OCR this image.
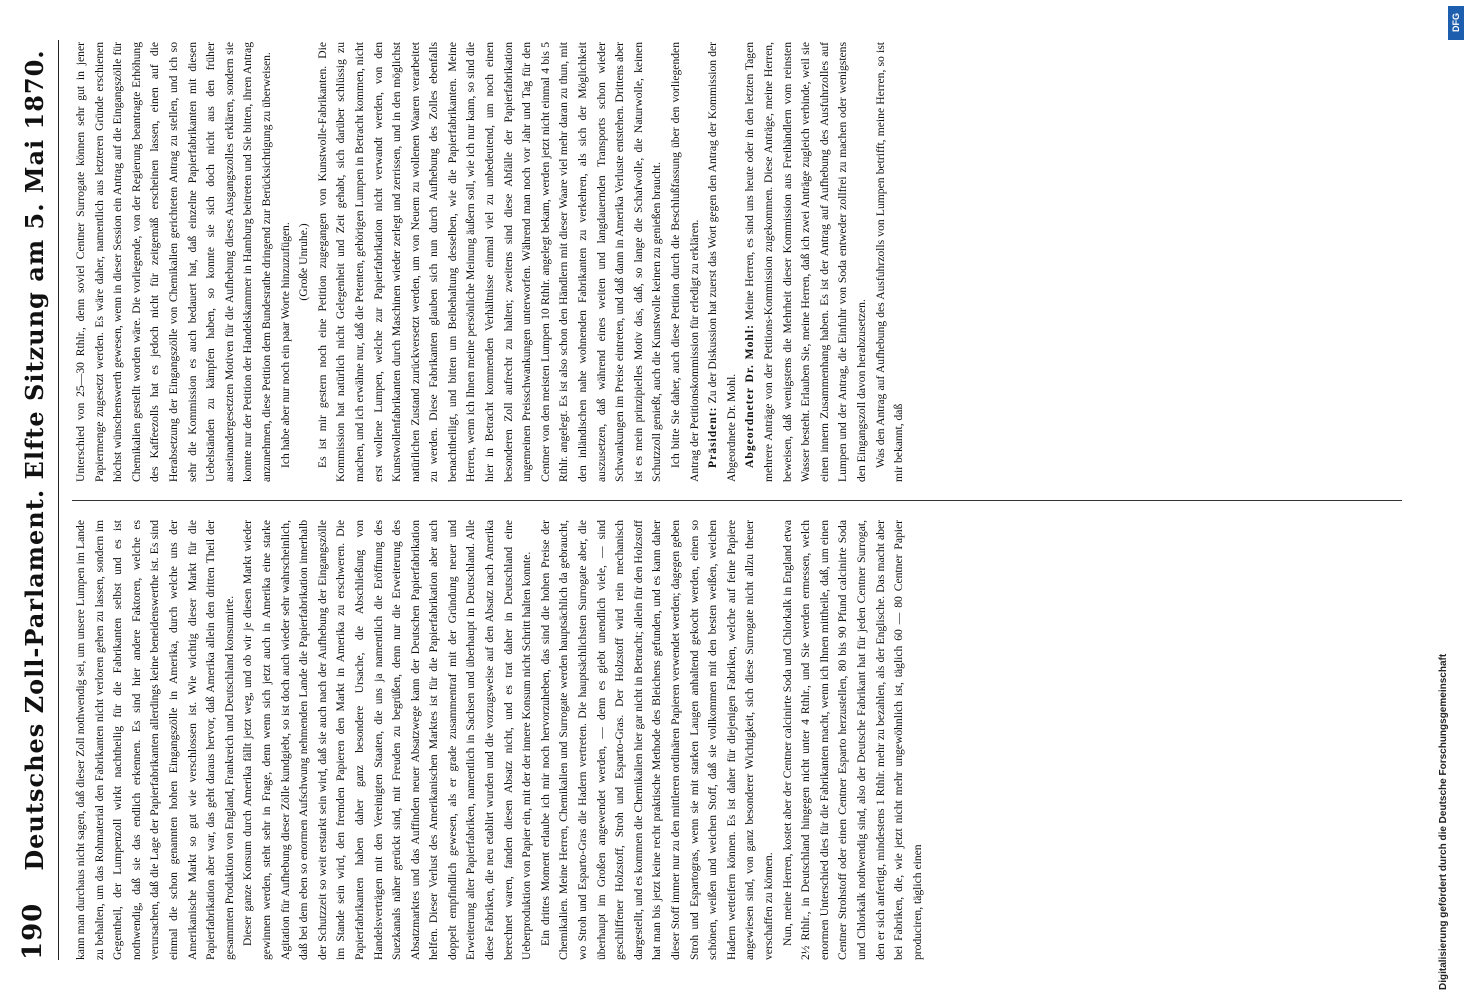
190
Deutsches Zoll-Parlament. Elfte Sitzung am 5. Mai 1870. kann man durchaus nicht sagen, daß dieser Zoll nothwendig sei, um unsere Lumpen im Lande zu behalten, um das Rohmaterial den Fabrikanten nicht verloren gehen zu lassen, sondern im Gegentheil, der Lumpenzoll wirkt nachtheilig für die Fabrikanten selbst und es ist nothwendig, daß sie das endlich erkennen. Es sind hier andere Faktoren, welche es verursachen, daß die Lage der Papierfabrikanten allerdings keine beneidenswerthe ist. Es sind einmal die schon genannten hohen Eingangszölle in Amerika, durch welche uns der Amerikanische Markt so gut wie verschlossen ist. Wie wichtig dieser Markt für die Papierfabrikation aber war, das geht daraus hervor, daß Amerika allein den dritten Theil der gesammten Produktion von England, Frankreich und Deutschland konsumirte. Dieser ganze Konsum durch Amerika fällt jetzt weg, und ob wir je diesen Markt wieder gewinnen werden, steht sehr in Frage, denn wenn sich jetzt auch in Amerika eine starke Agitation für Aufhebung dieser Zölle kundgiebt, so ist doch auch wieder sehr wahrscheinlich, daß bei dem eben so enormen Aufschwung nehmenden Lande die Papierfabrikation innerhalb der Schutzzeit so weit erstarkt sein wird, daß sie auch nach der Aufhebung der Eingangszölle im Stande sein wird, den fremden Papieren den Markt in Amerika zu erschweren. Die Papierfabrikanten haben daher ganz besondere Ursache, die Abschließung von Handelsverträgen mit den Vereinigten Staaten, die uns ja namentlich die Eröffnung des Suezkanals näher gerückt sind, mit Freuden zu begrüßen, denn nur die Erweiterung des Absatzmarktes und das Auffinden neuer Absatzwege kann der Deutschen Papierfabrikation helfen. Dieser Verlust des Amerikanischen Marktes ist für die Papierfabrikation aber auch doppelt empfindlich gewesen, als er grade zusammentraf mit der Gründung neuer und Erweiterung alter Papierfabriken, namentlich in Sachsen und überhaupt in Deutschland. Alle diese Fabriken, die neu etablirt wurden und die vorzugsweise auf den Absatz nach Amerika berechnet waren, fanden diesen Absatz nicht, und es trat daher in Deutschland eine Ueberproduktion von Papier ein, mit der der innere Konsum nicht Schritt halten konnte. Ein drittes Moment erlaube ich mir noch hervorzuheben, das sind die hohen Preise der Chemikalien. Meine Herren, Chemikalien und Surrogate werden hauptsächlich da gebraucht, wo Stroh und Esparto-Gras die Hadern vertreten. Die hauptsächlichsten Surrogate aber, die überhaupt im Großen angewendet werden, — denn es giebt unendlich viele, — sind geschliffener Holzstoff, Stroh und Esparto-Gras. Der Holzstoff wird rein mechanisch dargestellt, und es kommen die Chemikalien hier gar nicht in Betracht; allein für den Holzstoff hat man bis jetzt keine recht praktische Methode des Bleichens gefunden, und es kann daher dieser Stoff immer nur zu den mittleren ordinären Papieren verwendet werden; dagegen geben Stroh und Espartogras, wenn sie mit starken Laugen anhaltend gekocht werden, einen so schönen, weißen und weichen Stoff, daß sie vollkommen mit den besten weißen, weichen Hadern wetteifern können. Es ist daher für diejenigen Fabriken, welche auf feine Papiere angewiesen sind, von ganz besonderer Wichtigkeit, sich diese Surrogate nicht allzu theuer verschaffen zu können. Nun, meine Herren, kostet aber der Centner calcinirte Soda und Chlorkalk in England etwa 2½ Rthlr., in Deutschland hingegen nicht unter 4 Rthlr., und Sie werden ermessen, welch enormen Unterschied dies für die Fabrikanten macht, wenn ich Ihnen mittheile, daß, um einen Centner Strohstoff oder einen Centner Esparto herzustellen, 80 bis 90 Pfund calcinirte Soda und Chlorkalk nothwendig sind, also der Deutsche Fabrikant hat für jeden Centner Surrogat, den er sich anfertigt, mindestens 1 Rthlr. mehr zu bezahlen, als der Englische. Das macht aber bei Fabriken, die, wie jetzt nicht mehr ungewöhnlich ist, täglich 60 — 80 Centner Papier produciren, täglich einen

Unterschied von 25—30 Rthlr., denn soviel Centner Surrogate können sehr gut in jener Papiermenge zugesetzt werden. Es wäre daher, namentlich aus letzteren Gründe erschienen höchst wünschenswerth gewesen, wenn in dieser Session ein Antrag auf die Eingangszölle für Chemikalien gestellt worden wäre. Die vorliegende, von der Regierung beantragte Erhöhung des Kaffeezolls hat es jedoch nicht für zeitgemäß erscheinen lassen, einen auf die Herabsetzung der Eingangszölle von Chemikalien gerichteten Antrag zu stellen, und ich so sehr die Kommission es auch bedauert hat, daß einzelne Papierfabrikanten mit diesen Uebelständen zu kämpfen haben, so konnte sie sich doch nicht aus den früher auseinandergesetzten Motiven für die Aufhebung dieses Ausgangszolles erklären, sondern sie konnte nur der Petition der Handelskammer in Hamburg beitreten und Sie bitten, ihren Antrag anzunehmen, diese Petition dem Bundesrathe dringend zur Berücksichtigung zu überweisen. Ich habe aber nur noch ein paar Worte hinzuzufügen. (Große Unruhe.) Es ist mir gestern noch eine Petition zugegangen von Kunstwolle-Fabrikanten. Die Kommission hat natürlich nicht Gelegenheit und Zeit gehabt, sich darüber schlüssig zu machen, und ich erwähne nur, daß die Petenten, gehörigen Lumpen in Betracht kommen, nicht erst wollene Lumpen, welche zur Papierfabrikation nicht verwandt werden, von den Kunstwollenfabrikanten durch Maschinen wieder zerlegt und zerrissen, und in den möglichst natürlichen Zustand zurückversetzt werden, um von Neuem zu wollenen Waaren verarbeitet zu werden. Diese Fabrikanten glauben sich nun durch Aufhebung des Zolles ebenfalls benachtheiligt, und bitten um Beibehaltung desselben, wie die Papierfabrikanten. Meine Herren, wenn ich Ihnen meine persönliche Meinung äußern soll, wie ich nur kann, so sind die hier in Betracht kommenden Verhältnisse einmal viel zu unbedeutend, um noch einen besonderen Zoll aufrecht zu halten; zweitens sind diese Abfälle der Papierfabrikation ungemeinen Preisschwankungen unterworfen. Während man noch vor Jahr und Tag für den Centner von den meisten Lumpen 10 Rthlr. angelegt bekam, werden jetzt nicht einmal 4 bis 5 Rthlr. angelegt. Es ist also schon den Händlern mit dieser Waare viel mehr daran zu thun, mit den inländischen nahe wohnenden Fabrikanten zu verkehren, als sich der Möglichkeit auszusetzen, daß während eines weiten und langdauernden Transports schon wieder Schwankungen im Preise eintreten, und daß dann in Amerika Verluste entstehen. Drittens aber ist es mein prinzipielles Motiv das, daß, so lange die Schafwolle, die Naturwolle, keinen Schutzzoll genießt, auch die Kunstwolle keinen zu genießen braucht. Ich bitte Sie daher, auch diese Petition durch die Beschlußfassung über den vorliegenden Antrag der Petitionskommission für erledigt zu erklären. Präsident: Zu der Diskussion hat zuerst das Wort gegen den Antrag der Kommission der Abgeordnete Dr. Mohl. Abgeordneter Dr. Mohl: Meine Herren, es sind uns heute oder in den letzten Tagen mehrere Anträge von der Petitions-Kommission zugekommen. Diese Anträge, meine Herren, beweisen, daß wenigstens die Mehrheit dieser Kommission aus Freihändlern vom reinsten Wasser besteht. Erlauben Sie, meine Herren, daß ich zwei Anträge zugleich verbinde, weil sie einen innern Zusammenhang haben. Es ist der Antrag auf Aufhebung des Ausfuhrzolles auf Lumpen und der Antrag, die Einfuhr von Soda entweder zollfrei zu machen oder wenigstens den Eingangszoll davon herabzusetzen. Was den Antrag auf Aufhebung des Ausfuhrzolls von Lumpen betrifft, meine Herren, so ist mir bekannt, daß

Digitalisierung gefördert durch die Deutsche Forschungsgemeinschaft
DFG
